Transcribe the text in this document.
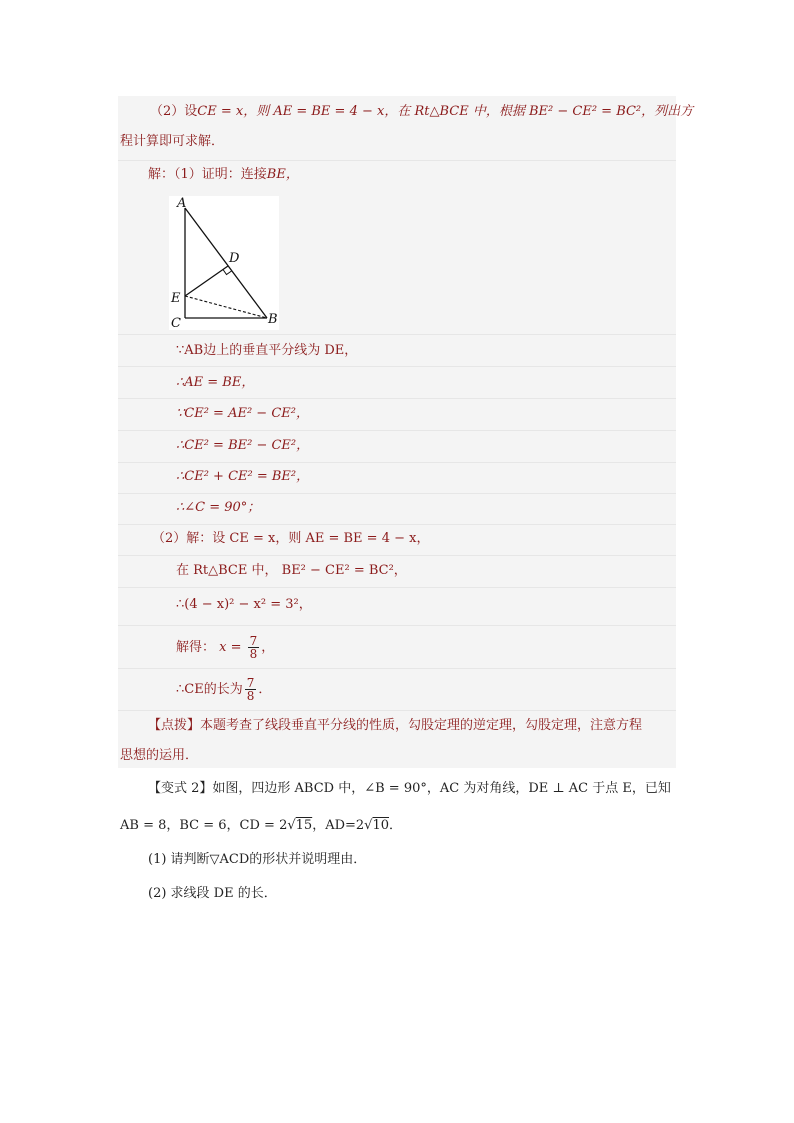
（2）设CE = x，则 AE = BE = 4 − x，在 Rt△BCE 中，根据 BE² − CE² = BC²，列出方
程计算即可求解．
解：（1）证明：连接BE，
A
D
E
C	B
∵AB边上的垂直平分线为 DE，
∴AE = BE，
∵CE² = AE² − CE²，
∴CE² = BE² − CE²，
∴CE² + CE² = BE²，
∴∠C = 90°；
（2）解：设 CE = x，则 AE = BE = 4 − x，
在 Rt△BCE 中， BE² − CE² = BC²，
∴(4 − x)² − x² = 3²，
解得： $x = \frac{7}{8}$ ，
∴CE的长为 $\frac{7}{8}$ ．
【点拨】本题考查了线段垂直平分线的性质，勾股定理的逆定理，勾股定理，注意方程
思想的运用．
【变式 2】如图，四边形 ABCD 中，∠B = 90°，AC 为对角线，DE ⊥ AC 于点 E，已知
AB = 8，BC = 6，CD = 2√15，AD=2√10．
(1) 请判断▽ACD的形状并说明理由．
(2) 求线段 DE 的长．
